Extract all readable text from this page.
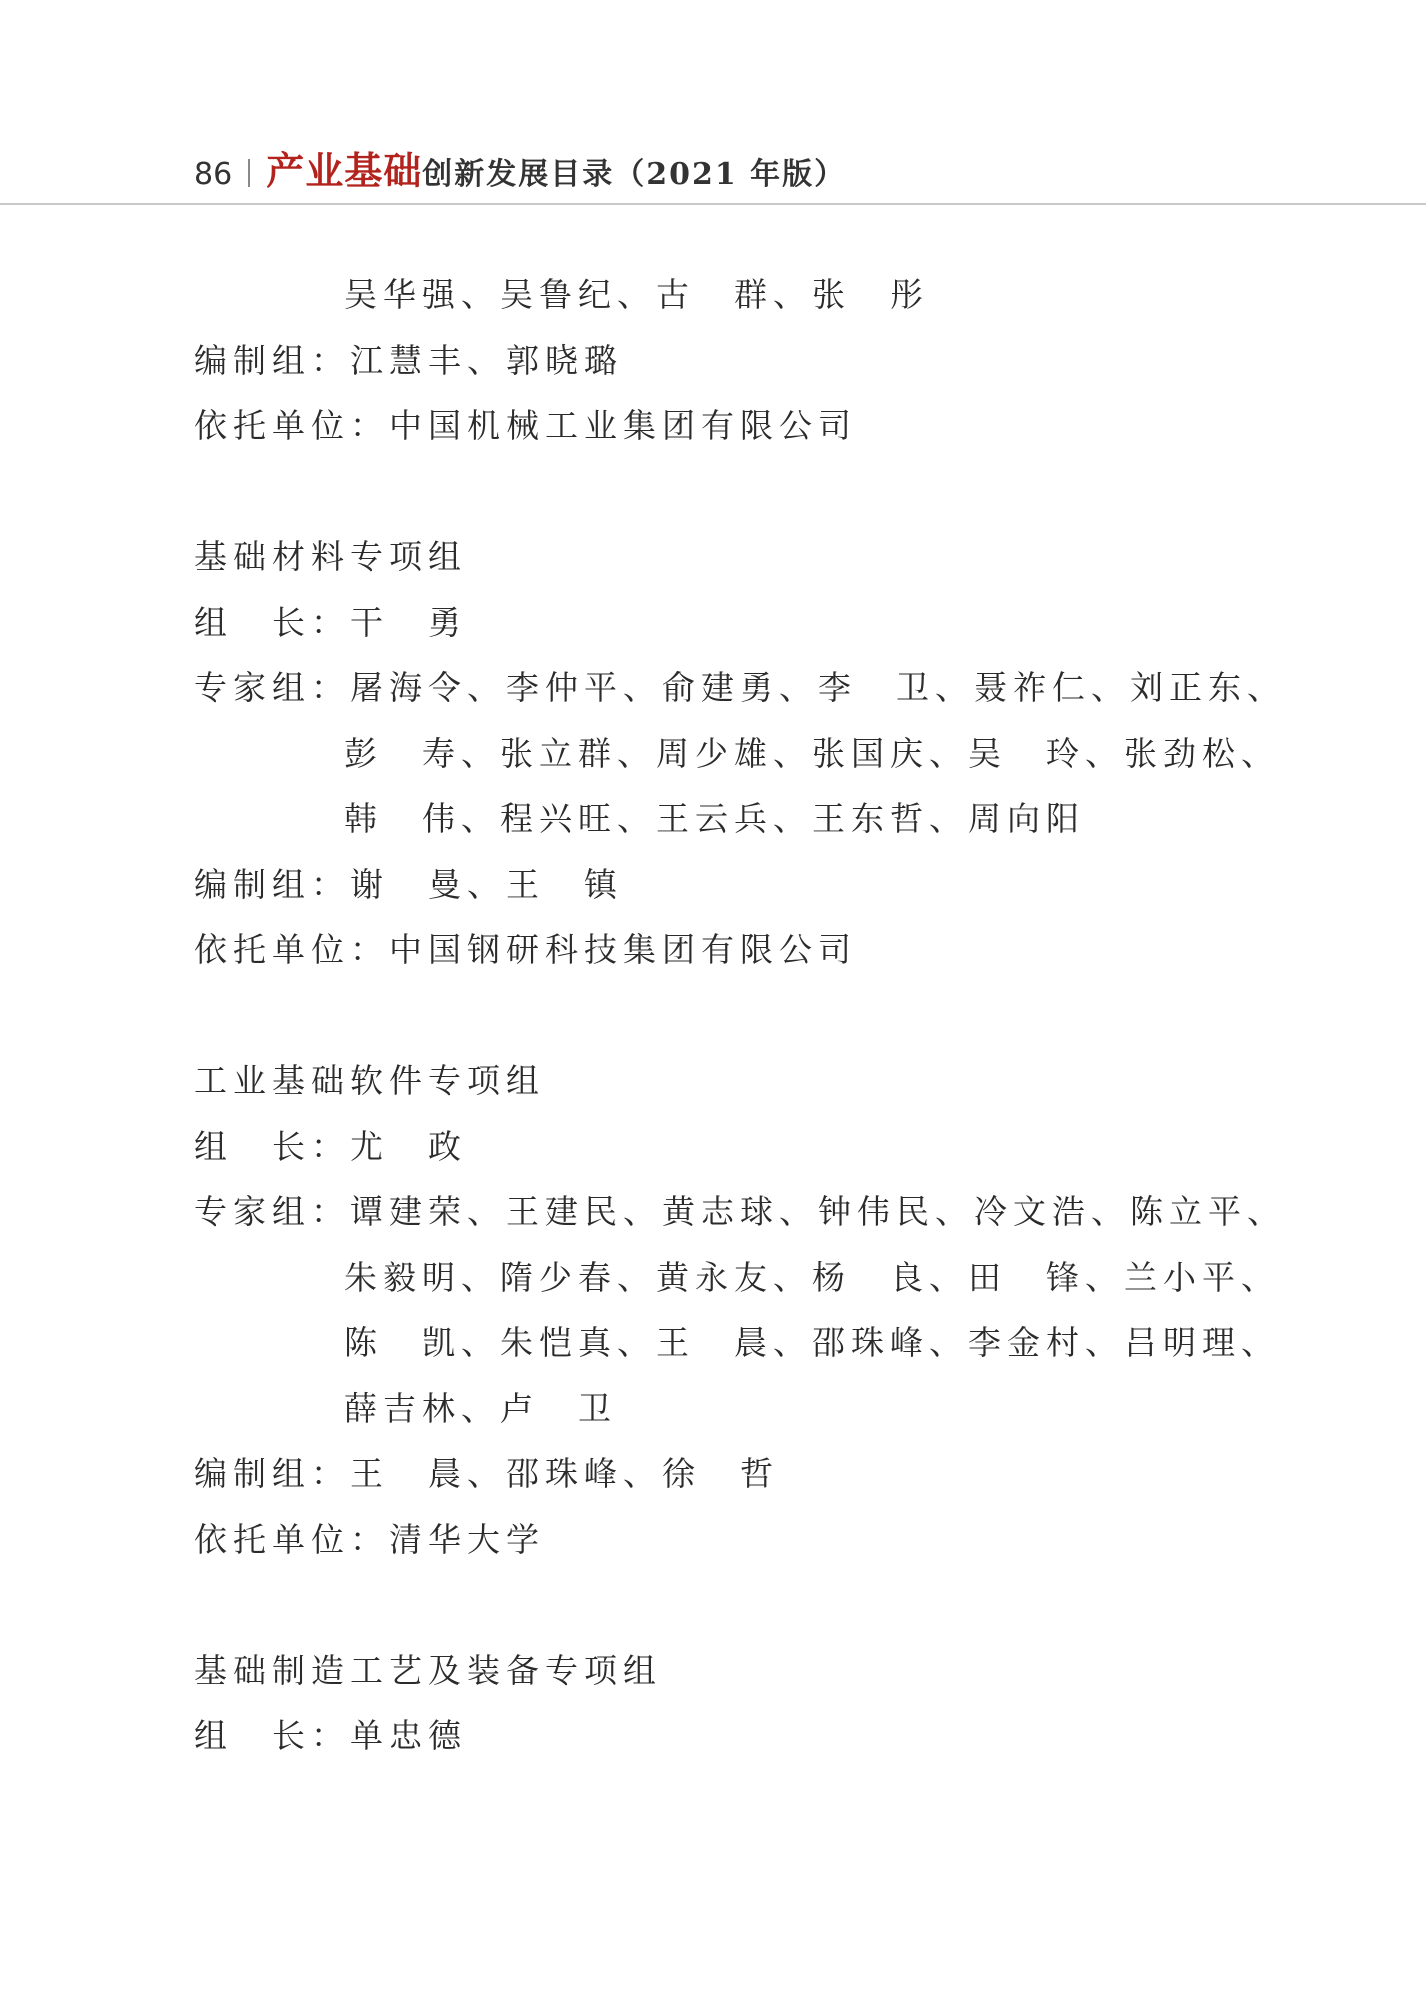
86 产业基础 创新发展目录（2021 年版）
吴华强、吴鲁纪、古　群、张　彤
编制组：江慧丰、郭晓璐
依托单位：中国机械工业集团有限公司
基础材料专项组
组　长：干　勇
专家组：屠海令、李仲平、俞建勇、李　卫、聂祚仁、刘正东、
彭　寿、张立群、周少雄、张国庆、吴　玲、张劲松、
韩　伟、程兴旺、王云兵、王东哲、周向阳
编制组：谢　曼、王　镇
依托单位：中国钢研科技集团有限公司
工业基础软件专项组
组　长：尤　政
专家组：谭建荣、王建民、黄志球、钟伟民、冷文浩、陈立平、
朱毅明、隋少春、黄永友、杨　良、田　锋、兰小平、
陈　凯、朱恺真、王　晨、邵珠峰、李金村、吕明理、
薛吉林、卢　卫
编制组：王　晨、邵珠峰、徐　哲
依托单位：清华大学
基础制造工艺及装备专项组
组　长：单忠德
